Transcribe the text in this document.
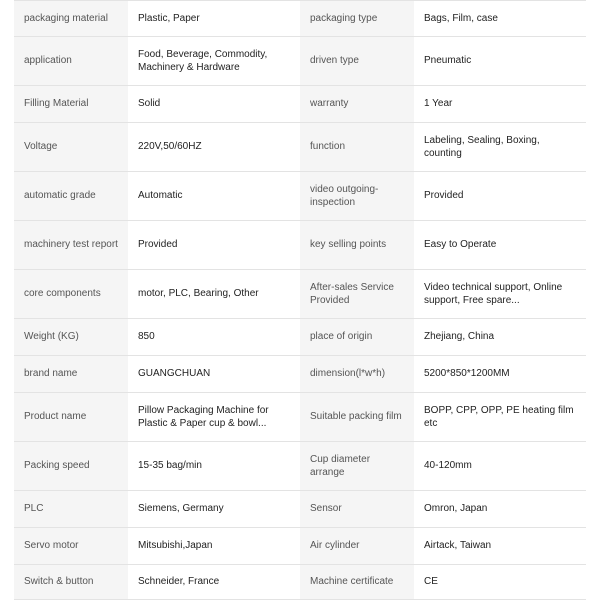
packaging material	Plastic, Paper	packaging type	Bags, Film, case
application	Food, Beverage, Commodity, Machinery & Hardware	driven type	Pneumatic
Filling Material	Solid	warranty	1 Year
Voltage	220V,50/60HZ	function	Labeling, Sealing, Boxing, counting
automatic grade	Automatic	video outgoing-inspection	Provided
machinery test report	Provided	key selling points	Easy to Operate
core components	motor, PLC, Bearing, Other	After-sales Service Provided	Video technical support, Online support, Free spare...
Weight (KG)	850	place of origin	Zhejiang, China
brand name	GUANGCHUAN	dimension(l*w*h)	5200*850*1200MM
Product name	Pillow Packaging Machine for Plastic & Paper cup & bowl...	Suitable packing film	BOPP, CPP, OPP, PE heating film etc
Packing speed	15-35 bag/min	Cup diameter arrange	40-120mm
PLC	Siemens, Germany	Sensor	Omron, Japan
Servo motor	Mitsubishi,Japan	Air cylinder	Airtack, Taiwan
Switch & button	Schneider, France	Machine certificate	CE
